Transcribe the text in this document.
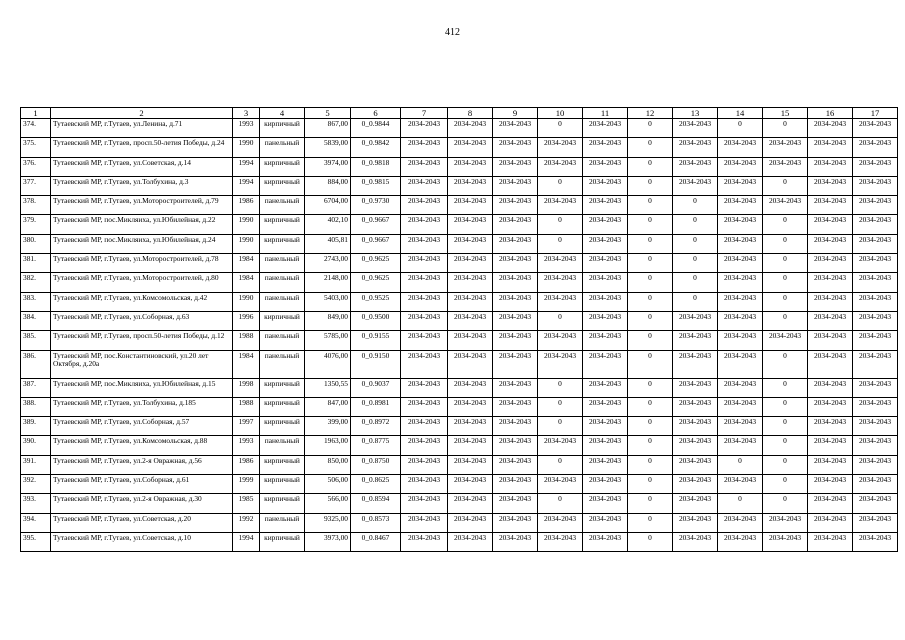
412
1	2	3	4	5	6	7	8	9	10	11	12	13	14	15	16	17
374.	Тутаевский МР, г.Тутаев, ул.Ленина, д.71	1993	кирпичный	867,00	0_0.9844	2034-2043	2034-2043	2034-2043	0	2034-2043	0	2034-2043	0	0	2034-2043	2034-2043
375.	Тутаевский МР, г.Тутаев, просп.50-летия Победы, д.24	1990	панельный	5839,00	0_0.9842	2034-2043	2034-2043	2034-2043	2034-2043	2034-2043	0	2034-2043	2034-2043	2034-2043	2034-2043	2034-2043
376.	Тутаевский МР, г.Тутаев, ул.Советская, д.14	1994	кирпичный	3974,00	0_0.9818	2034-2043	2034-2043	2034-2043	2034-2043	2034-2043	0	2034-2043	2034-2043	2034-2043	2034-2043	2034-2043
377.	Тутаевский МР, г.Тутаев, ул.Толбухина, д.3	1994	кирпичный	884,00	0_0.9815	2034-2043	2034-2043	2034-2043	0	2034-2043	0	2034-2043	2034-2043	0	2034-2043	2034-2043
378.	Тутаевский МР, г.Тутаев, ул.Моторостроителей, д.79	1986	панельный	6704,00	0_0.9730	2034-2043	2034-2043	2034-2043	2034-2043	2034-2043	0	0	2034-2043	2034-2043	2034-2043	2034-2043
379.	Тутаевский МР, пос.Микляиха, ул.Юбилейная, д.22	1990	кирпичный	402,10	0_0.9667	2034-2043	2034-2043	2034-2043	0	2034-2043	0	0	2034-2043	0	2034-2043	2034-2043
380.	Тутаевский МР, пос.Микляиха, ул.Юбилейная, д.24	1990	кирпичный	405,81	0_0.9667	2034-2043	2034-2043	2034-2043	0	2034-2043	0	0	2034-2043	0	2034-2043	2034-2043
381.	Тутаевский МР, г.Тутаев, ул.Моторостроителей, д.78	1984	панельный	2743,00	0_0.9625	2034-2043	2034-2043	2034-2043	2034-2043	2034-2043	0	0	2034-2043	0	2034-2043	2034-2043
382.	Тутаевский МР, г.Тутаев, ул.Моторостроителей, д.80	1984	панельный	2148,00	0_0.9625	2034-2043	2034-2043	2034-2043	2034-2043	2034-2043	0	0	2034-2043	0	2034-2043	2034-2043
383.	Тутаевский МР, г.Тутаев, ул.Комсомольская, д.42	1990	панельный	5403,00	0_0.9525	2034-2043	2034-2043	2034-2043	2034-2043	2034-2043	0	0	2034-2043	0	2034-2043	2034-2043
384.	Тутаевский МР, г.Тутаев, ул.Соборная, д.63	1996	кирпичный	849,00	0_0.9500	2034-2043	2034-2043	2034-2043	0	2034-2043	0	2034-2043	2034-2043	0	2034-2043	2034-2043
385.	Тутаевский МР, г.Тутаев, просп.50-летия Победы, д.12	1988	панельный	5785,00	0_0.9155	2034-2043	2034-2043	2034-2043	2034-2043	2034-2043	0	2034-2043	2034-2043	2034-2043	2034-2043	2034-2043
386.	Тутаевский МР, пос.Константиновский, ул.20 лет Октября, д.20а	1984	панельный	4076,00	0_0.9150	2034-2043	2034-2043	2034-2043	2034-2043	2034-2043	0	2034-2043	2034-2043	0	2034-2043	2034-2043
387.	Тутаевский МР, пос.Микляиха, ул.Юбилейная, д.15	1998	кирпичный	1350,55	0_0.9037	2034-2043	2034-2043	2034-2043	0	2034-2043	0	2034-2043	2034-2043	0	2034-2043	2034-2043
388.	Тутаевский МР, г.Тутаев, ул.Толбухина, д.185	1988	кирпичный	847,00	0_0.8981	2034-2043	2034-2043	2034-2043	0	2034-2043	0	2034-2043	2034-2043	0	2034-2043	2034-2043
389.	Тутаевский МР, г.Тутаев, ул.Соборная, д.57	1997	кирпичный	399,00	0_0.8972	2034-2043	2034-2043	2034-2043	0	2034-2043	0	2034-2043	2034-2043	0	2034-2043	2034-2043
390.	Тутаевский МР, г.Тутаев, ул.Комсомольская, д.88	1993	панельный	1963,00	0_0.8775	2034-2043	2034-2043	2034-2043	2034-2043	2034-2043	0	2034-2043	2034-2043	0	2034-2043	2034-2043
391.	Тутаевский МР, г.Тутаев, ул.2-я Овражная, д.56	1986	кирпичный	850,00	0_0.8750	2034-2043	2034-2043	2034-2043	0	2034-2043	0	2034-2043	0	0	2034-2043	2034-2043
392.	Тутаевский МР, г.Тутаев, ул.Соборная, д.61	1999	кирпичный	506,00	0_0.8625	2034-2043	2034-2043	2034-2043	2034-2043	2034-2043	0	2034-2043	2034-2043	0	2034-2043	2034-2043
393.	Тутаевский МР, г.Тутаев, ул.2-я Овражная, д.30	1985	кирпичный	566,00	0_0.8594	2034-2043	2034-2043	2034-2043	0	2034-2043	0	2034-2043	0	0	2034-2043	2034-2043
394.	Тутаевский МР, г.Тутаев, ул.Советская, д.20	1992	панельный	9325,00	0_0.8573	2034-2043	2034-2043	2034-2043	2034-2043	2034-2043	0	2034-2043	2034-2043	2034-2043	2034-2043	2034-2043
395.	Тутаевский МР, г.Тутаев, ул.Советская, д.10	1994	кирпичный	3973,00	0_0.8467	2034-2043	2034-2043	2034-2043	2034-2043	2034-2043	0	2034-2043	2034-2043	2034-2043	2034-2043	2034-2043
